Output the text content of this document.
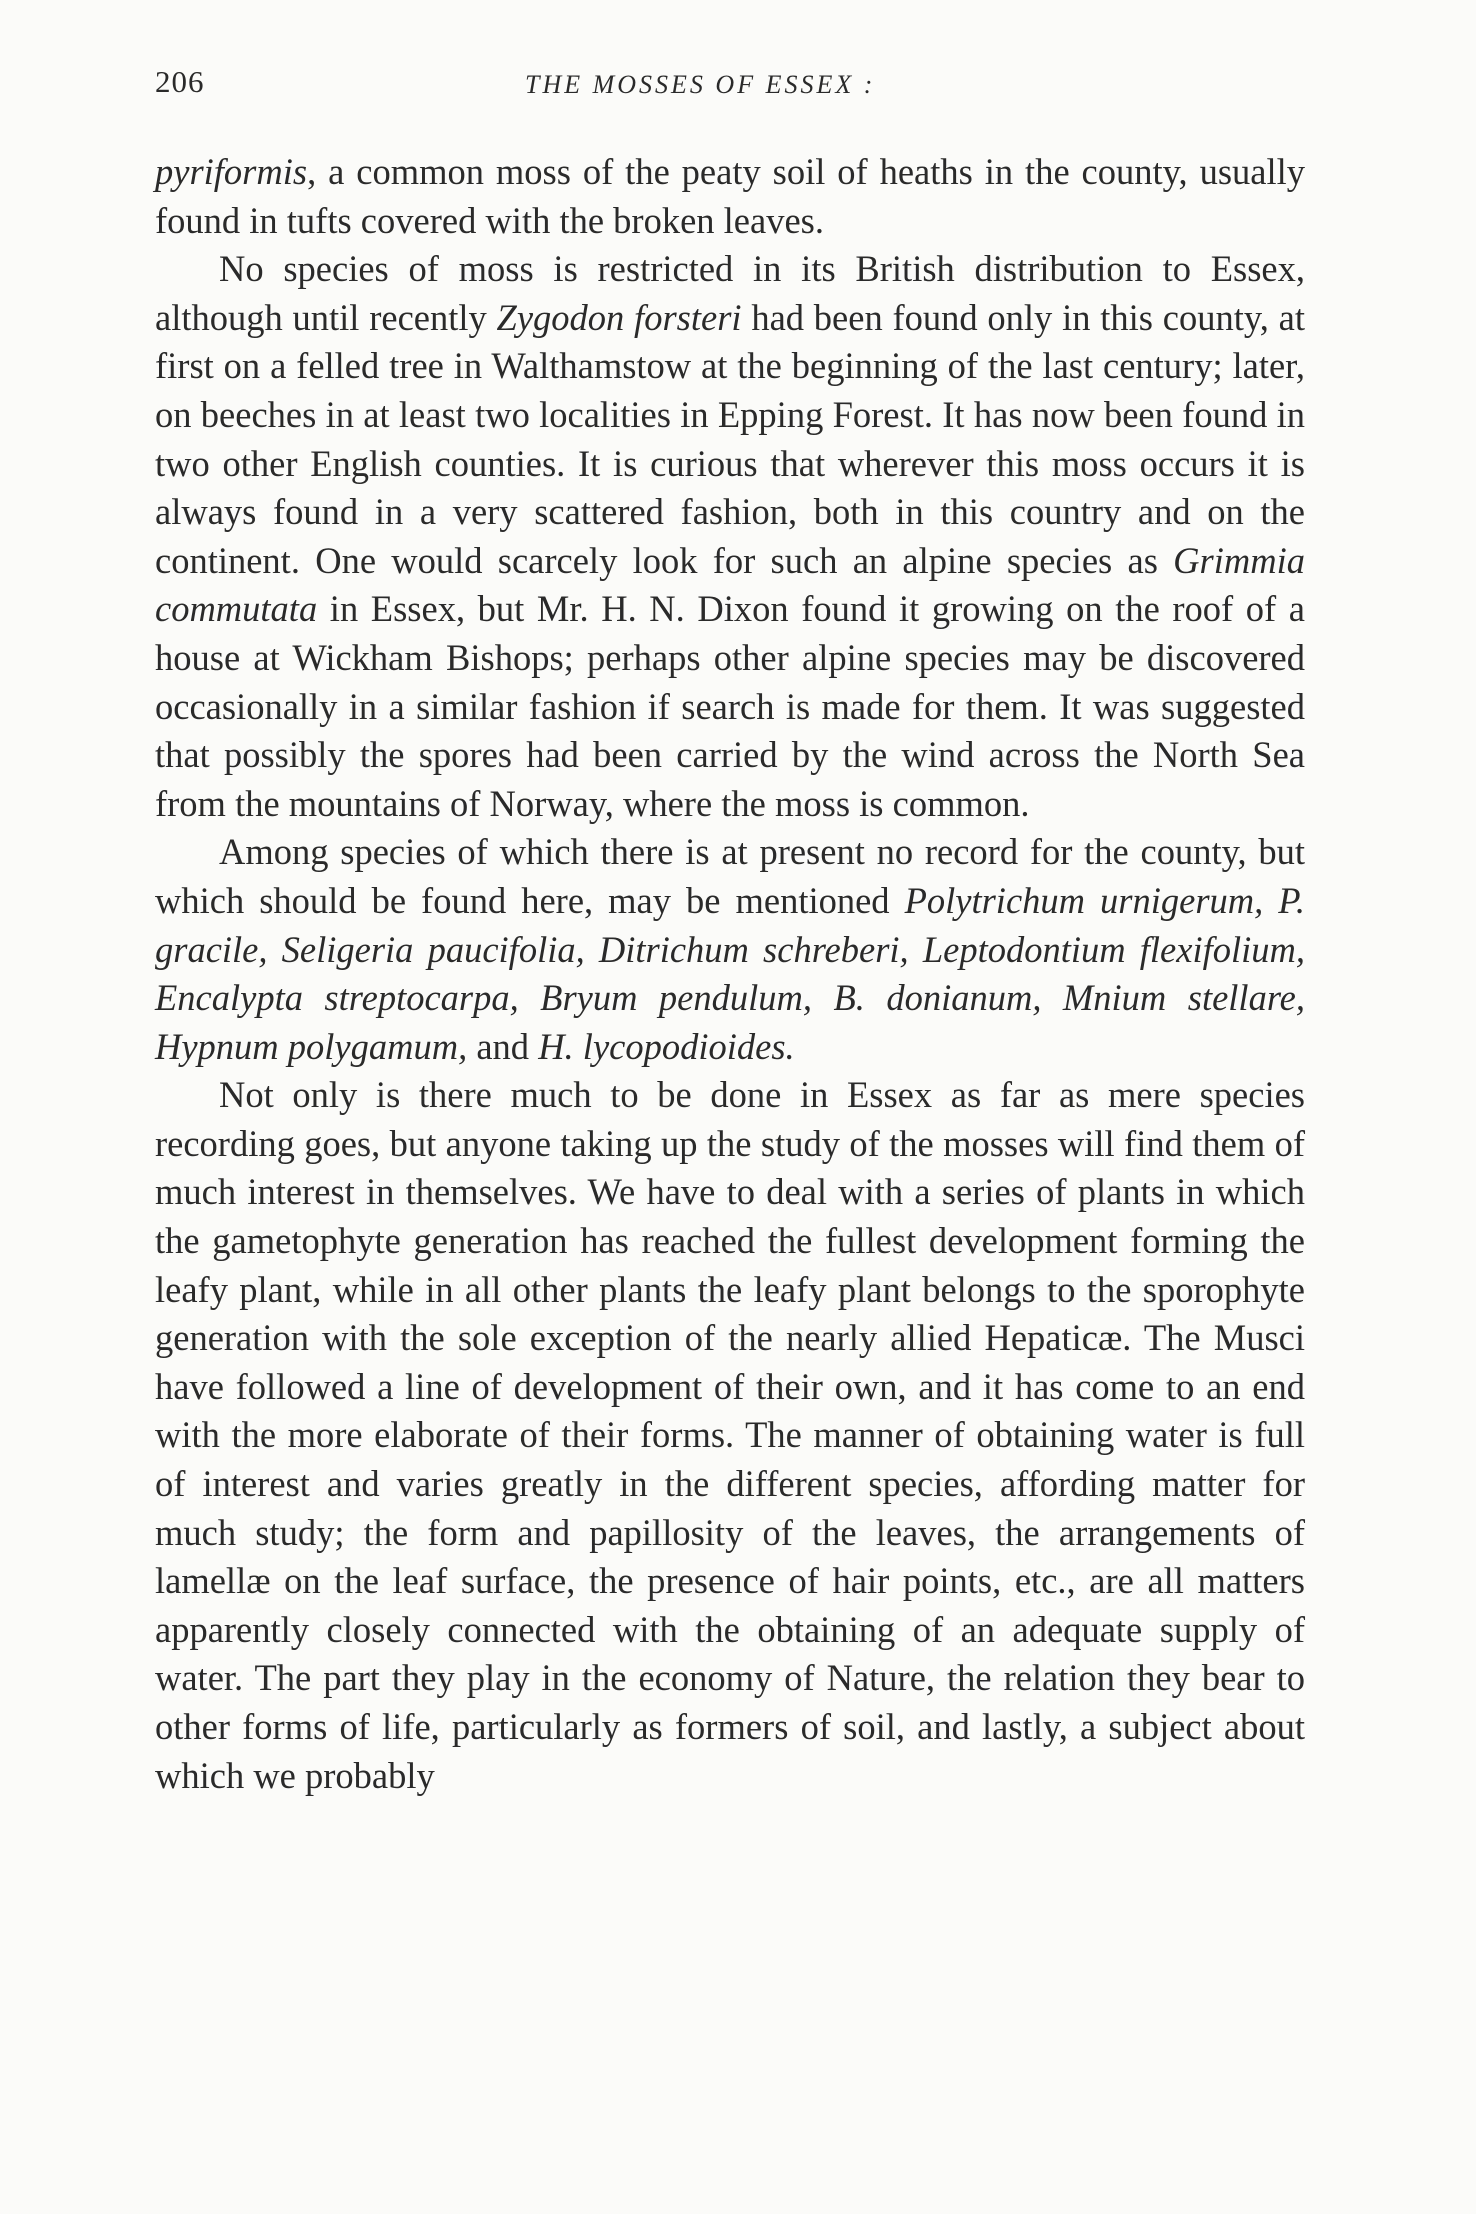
206	THE MOSSES OF ESSEX :

pyriformis, a common moss of the peaty soil of heaths in the county, usually found in tufts covered with the broken leaves.

No species of moss is restricted in its British distribution to Essex, although until recently Zygodon forsteri had been found only in this county, at first on a felled tree in Walthamstow at the beginning of the last century; later, on beeches in at least two localities in Epping Forest. It has now been found in two other English counties. It is curious that wherever this moss occurs it is always found in a very scattered fashion, both in this country and on the continent. One would scarcely look for such an alpine species as Grimmia commutata in Essex, but Mr. H. N. Dixon found it growing on the roof of a house at Wickham Bishops; perhaps other alpine species may be discovered occasionally in a similar fashion if search is made for them. It was suggested that possibly the spores had been carried by the wind across the North Sea from the mountains of Norway, where the moss is common.

Among species of which there is at present no record for the county, but which should be found here, may be mentioned Polytrichum urnigerum, P. gracile, Seligeria paucifolia, Ditrichum schreberi, Leptodontium flexifolium, Encalypta streptocarpa, Bryum pendulum, B. donianum, Mnium stellare, Hypnum polygamum, and H. lycopodioides.

Not only is there much to be done in Essex as far as mere species recording goes, but anyone taking up the study of the mosses will find them of much interest in themselves. We have to deal with a series of plants in which the gametophyte generation has reached the fullest development forming the leafy plant, while in all other plants the leafy plant belongs to the sporophyte generation with the sole exception of the nearly allied Hepaticæ. The Musci have followed a line of development of their own, and it has come to an end with the more elaborate of their forms. The manner of obtaining water is full of interest and varies greatly in the different species, affording matter for much study; the form and papillosity of the leaves, the arrangements of lamellæ on the leaf surface, the presence of hair points, etc., are all matters apparently closely connected with the obtaining of an adequate supply of water. The part they play in the economy of Nature, the relation they bear to other forms of life, particularly as formers of soil, and lastly, a subject about which we probably
